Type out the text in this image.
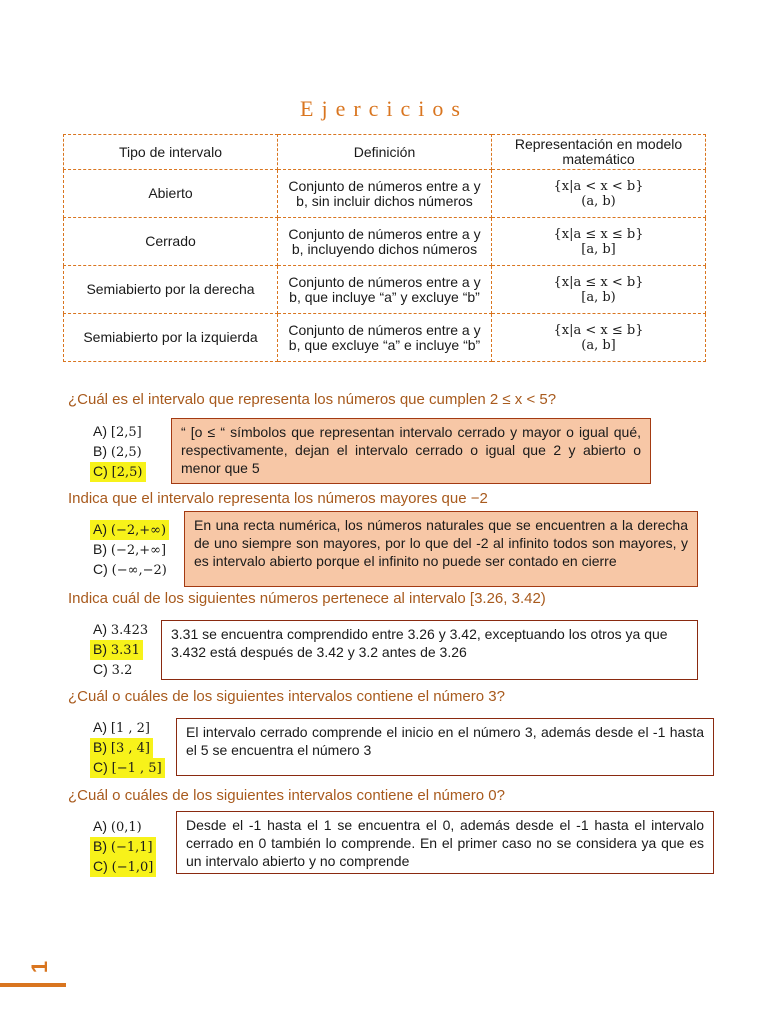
Ejercicios
Tipo de intervalo	Definición	Representación en modelo matemático
Abierto	Conjunto de números entre a y b, sin incluir dichos números	{x|a < x < b}
(a, b)

Cerrado	Conjunto de números entre a y b, incluyendo dichos números	{x|a ≤ x ≤ b}
[a, b]

Semiabierto por la derecha	Conjunto de números entre a y b, que incluye “a” y excluye “b”	{x|a ≤ x < b}
[a, b)

Semiabierto por la izquierda	Conjunto de números entre a y b, que excluye “a” e incluye “b”	{x|a < x ≤ b}
(a, b]
¿Cuál es el intervalo que representa los números que cumplen 2 ≤ x < 5?
A) [2,5]
B) (2,5)
C) [2,5)
“ [o ≤ “ símbolos que representan intervalo cerrado y mayor o igual qué, respectivamente, dejan el intervalo cerrado o igual que 2 y abierto o menor que 5
Indica que el intervalo representa los números mayores que −2
A) (−2,+∞)
B) (−2,+∞]
C) (−∞,−2)
En una recta numérica, los números naturales que se encuentren a la derecha de uno siempre son mayores, por lo que del -2 al infinito todos son mayores, y es intervalo abierto porque el infinito no puede ser contado en cierre
Indica cuál de los siguientes números pertenece al intervalo [3.26, 3.42)
A) 3.423
B) 3.31
C) 3.2
3.31 se encuentra comprendido entre 3.26 y 3.42, exceptuando los otros ya que 3.432 está después de 3.42 y 3.2 antes de 3.26
¿Cuál o cuáles de los siguientes intervalos contiene el número 3?
A) [1 , 2]
B) [3 , 4]
C) [−1 , 5]
El intervalo cerrado comprende el inicio en el número 3, además desde el -1 hasta el 5 se encuentra el número 3
¿Cuál o cuáles de los siguientes intervalos contiene el número 0?
A) (0,1)
B) (−1,1]
C) (−1,0]
Desde el -1 hasta el 1 se encuentra el 0, además desde el -1 hasta el intervalo cerrado en 0 también lo comprende. En el primer caso no se considera ya que es un intervalo abierto y no comprende
1
